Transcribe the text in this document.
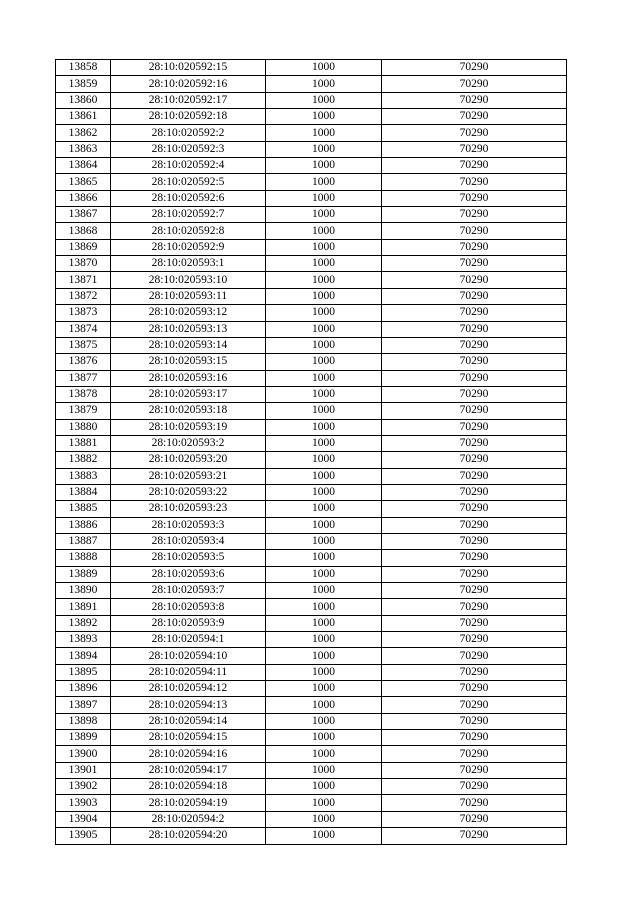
13858	28:10:020592:15	1000	70290
13859	28:10:020592:16	1000	70290
13860	28:10:020592:17	1000	70290
13861	28:10:020592:18	1000	70290
13862	28:10:020592:2	1000	70290
13863	28:10:020592:3	1000	70290
13864	28:10:020592:4	1000	70290
13865	28:10:020592:5	1000	70290
13866	28:10:020592:6	1000	70290
13867	28:10:020592:7	1000	70290
13868	28:10:020592:8	1000	70290
13869	28:10:020592:9	1000	70290
13870	28:10:020593:1	1000	70290
13871	28:10:020593:10	1000	70290
13872	28:10:020593:11	1000	70290
13873	28:10:020593:12	1000	70290
13874	28:10:020593:13	1000	70290
13875	28:10:020593:14	1000	70290
13876	28:10:020593:15	1000	70290
13877	28:10:020593:16	1000	70290
13878	28:10:020593:17	1000	70290
13879	28:10:020593:18	1000	70290
13880	28:10:020593:19	1000	70290
13881	28:10:020593:2	1000	70290
13882	28:10:020593:20	1000	70290
13883	28:10:020593:21	1000	70290
13884	28:10:020593:22	1000	70290
13885	28:10:020593:23	1000	70290
13886	28:10:020593:3	1000	70290
13887	28:10:020593:4	1000	70290
13888	28:10:020593:5	1000	70290
13889	28:10:020593:6	1000	70290
13890	28:10:020593:7	1000	70290
13891	28:10:020593:8	1000	70290
13892	28:10:020593:9	1000	70290
13893	28:10:020594:1	1000	70290
13894	28:10:020594:10	1000	70290
13895	28:10:020594:11	1000	70290
13896	28:10:020594:12	1000	70290
13897	28:10:020594:13	1000	70290
13898	28:10:020594:14	1000	70290
13899	28:10:020594:15	1000	70290
13900	28:10:020594:16	1000	70290
13901	28:10:020594:17	1000	70290
13902	28:10:020594:18	1000	70290
13903	28:10:020594:19	1000	70290
13904	28:10:020594:2	1000	70290
13905	28:10:020594:20	1000	70290
